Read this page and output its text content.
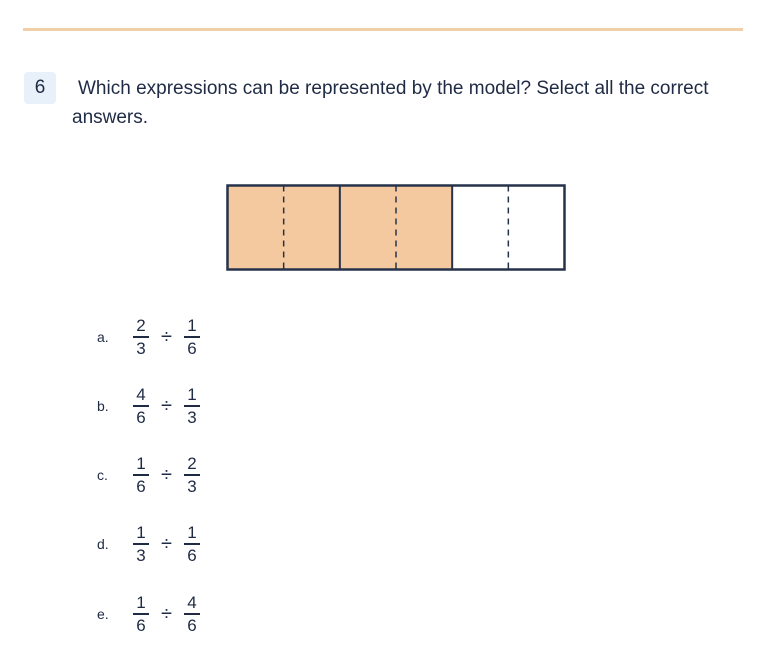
6	Which expressions can be represented by the model? Select all the correct
answers.
a.	$\frac{2}{3} \div \frac{1}{6}$
b.	$\frac{4}{6} \div \frac{1}{3}$
c.	$\frac{1}{6} \div \frac{2}{3}$
d.	$\frac{1}{3} \div \frac{1}{6}$
e.	$\frac{1}{6} \div \frac{4}{6}$
